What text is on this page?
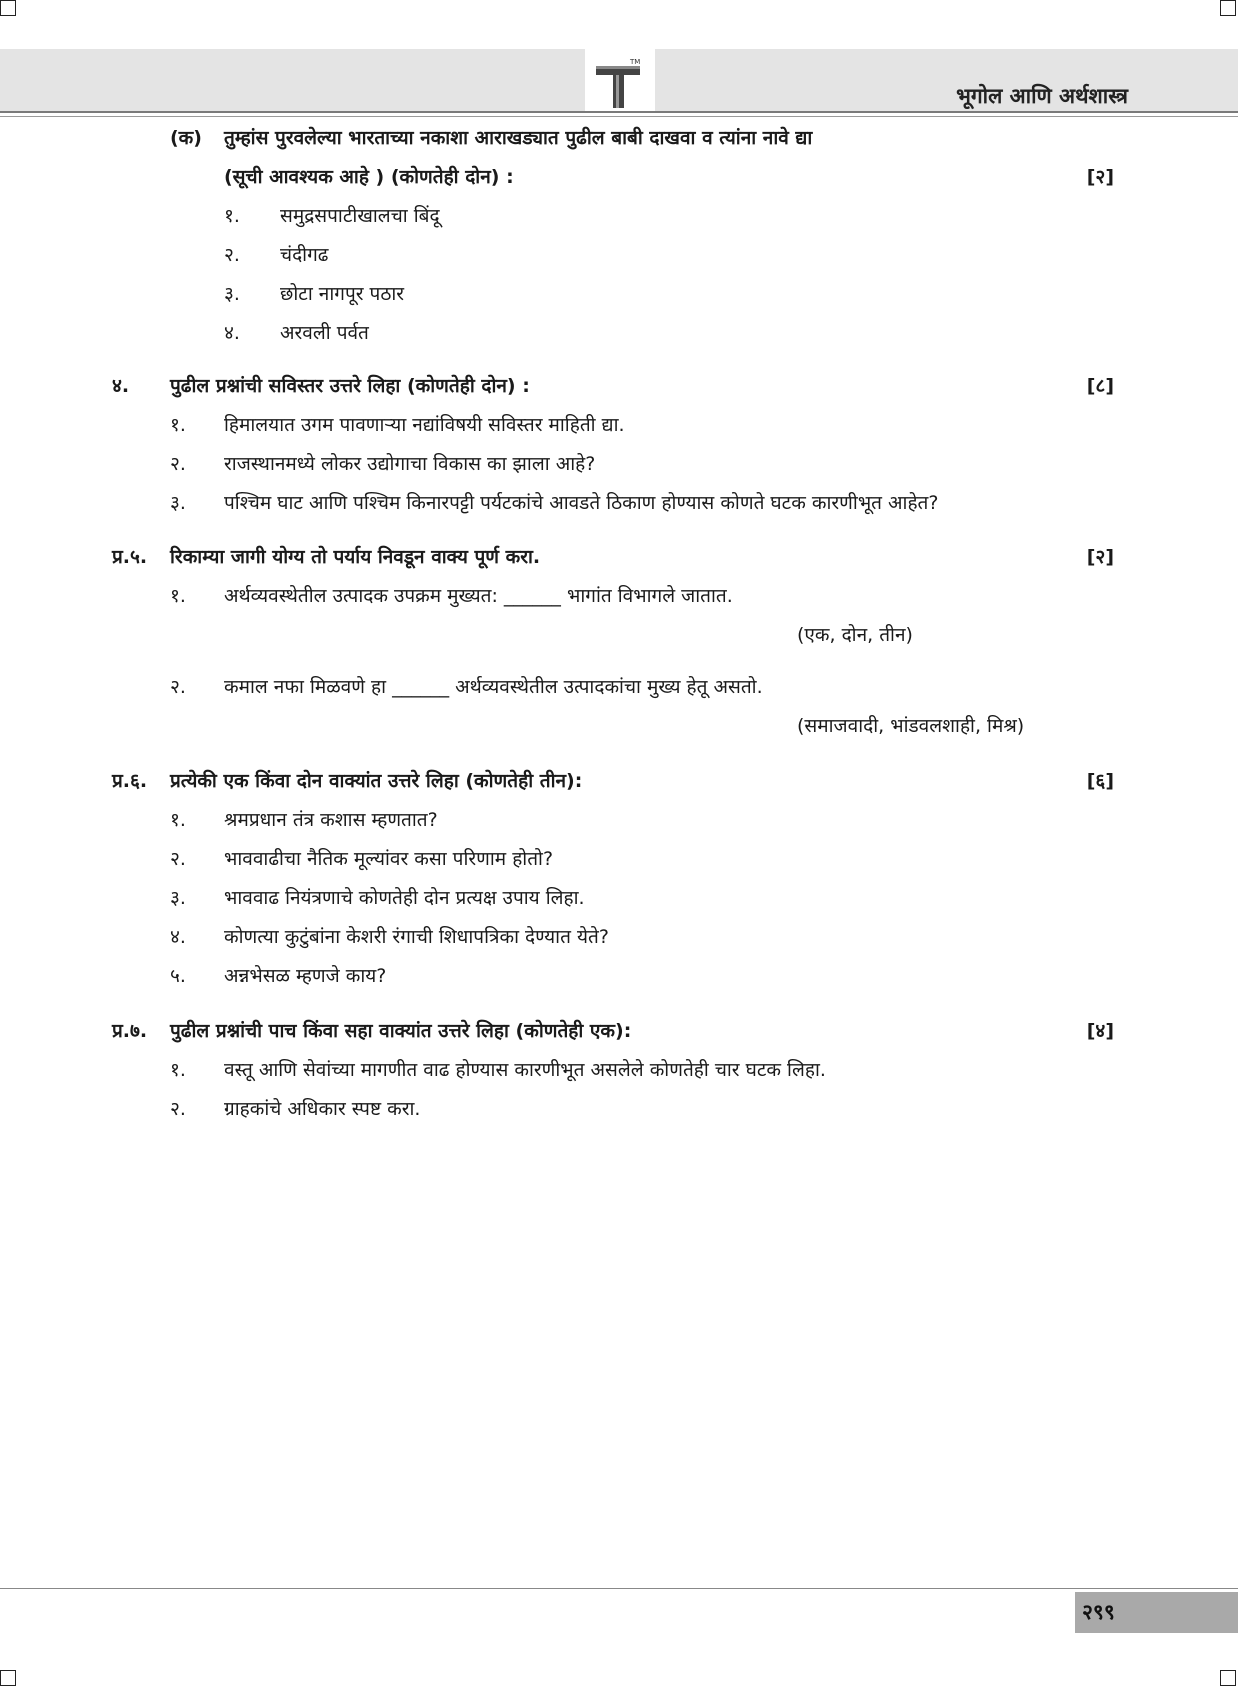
TM
भूगोल आणि अर्थशास्त्र
(क) तुम्हांस पुरवलेल्या भारताच्या नकाशा आराखड्यात पुढील बाबी दाखवा व त्यांना नावे द्या
(सूची आवश्यक आहे ) (कोणतेही दोन) :	[२]
१. समुद्रसपाटीखालचा बिंदू
२. चंदीगढ
३. छोटा नागपूर पठार
४. अरवली पर्वत
४. पुढील प्रश्नांची सविस्तर उत्तरे लिहा (कोणतेही दोन) :	[८]
१. हिमालयात उगम पावणाऱ्या नद्यांविषयी सविस्तर माहिती द्या.
२. राजस्थानमध्ये लोकर उद्योगाचा विकास का झाला आहे?
३. पश्चिम घाट आणि पश्चिम किनारपट्टी पर्यटकांचे आवडते ठिकाण होण्यास कोणते घटक कारणीभूत आहेत?
प्र.५. रिकाम्या जागी योग्य तो पर्याय निवडून वाक्य पूर्ण करा.	[२]
१. अर्थव्यवस्थेतील उत्पादक उपक्रम मुख्यत: ______ भागांत विभागले जातात.
(एक, दोन, तीन)
२. कमाल नफा मिळवणे हा ______ अर्थव्यवस्थेतील उत्पादकांचा मुख्य हेतू असतो.
(समाजवादी, भांडवलशाही, मिश्र)
प्र.६. प्रत्येकी एक किंवा दोन वाक्यांत उत्तरे लिहा (कोणतेही तीन):	[६]
१. श्रमप्रधान तंत्र कशास म्हणतात?
२. भाववाढीचा नैतिक मूल्यांवर कसा परिणाम होतो?
३. भाववाढ नियंत्रणाचे कोणतेही दोन प्रत्यक्ष उपाय लिहा.
४. कोणत्या कुटुंबांना केशरी रंगाची शिधापत्रिका देण्यात येते?
५. अन्नभेसळ म्हणजे काय?
प्र.७. पुढील प्रश्नांची पाच किंवा सहा वाक्यांत उत्तरे लिहा (कोणतेही एक):	[४]
१. वस्तू आणि सेवांच्या मागणीत वाढ होण्यास कारणीभूत असलेले कोणतेही चार घटक लिहा.
२. ग्राहकांचे अधिकार स्पष्ट करा.
२९९
